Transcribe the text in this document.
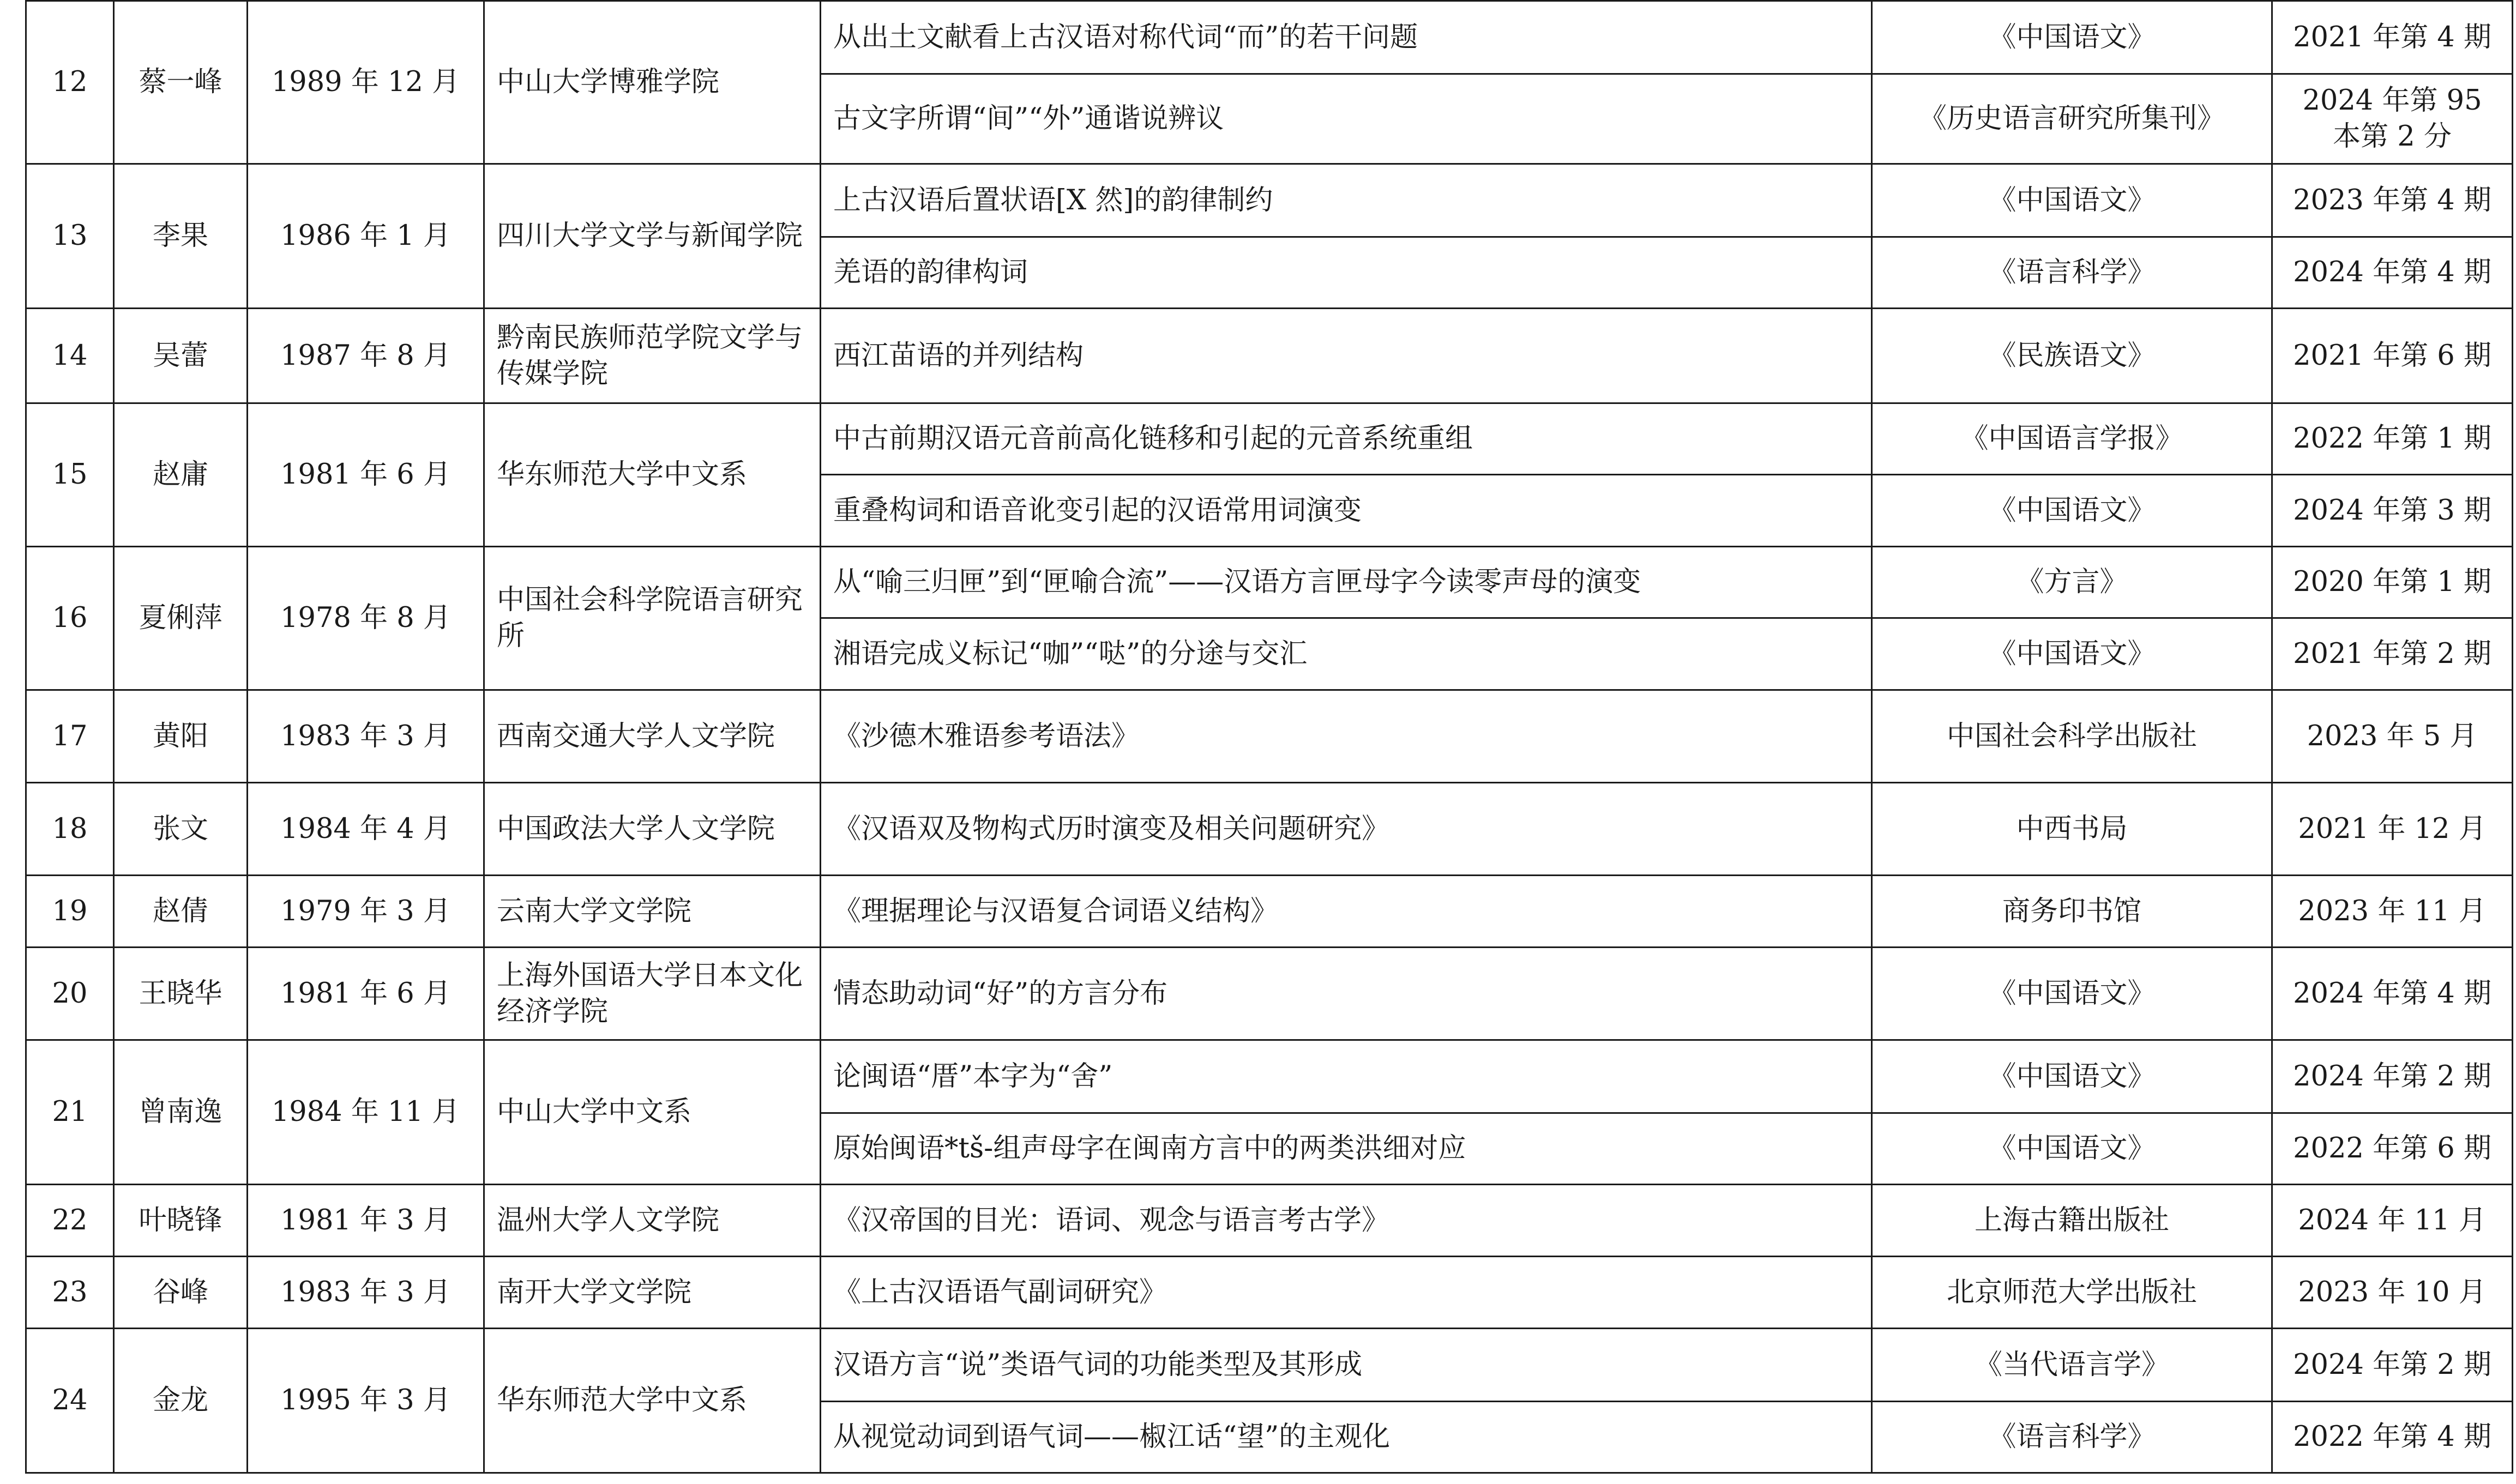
12	蔡一峰	1989 年 12 月	中山大学博雅学院	从出土文献看上古汉语对称代词“而”的若干问题	《中国语文》	2021 年第 4 期
				古文字所谓“间”“外”通谐说辨议	《历史语言研究所集刊》	2024 年第 95 本第 2 分
13	李果	1986 年 1 月	四川大学文学与新闻学院	上古汉语后置状语[X 然]的韵律制约	《中国语文》	2023 年第 4 期
				羌语的韵律构词	《语言科学》	2024 年第 4 期
14	吴蕾	1987 年 8 月	黔南民族师范学院文学与传媒学院	西江苗语的并列结构	《民族语文》	2021 年第 6 期
15	赵庸	1981 年 6 月	华东师范大学中文系	中古前期汉语元音前高化链移和引起的元音系统重组	《中国语言学报》	2022 年第 1 期
				重叠构词和语音讹变引起的汉语常用词演变	《中国语文》	2024 年第 3 期
16	夏俐萍	1978 年 8 月	中国社会科学院语言研究所	从“喻三归匣”到“匣喻合流”——汉语方言匣母字今读零声母的演变	《方言》	2020 年第 1 期
				湘语完成义标记“咖”“哒”的分途与交汇	《中国语文》	2021 年第 2 期
17	黄阳	1983 年 3 月	西南交通大学人文学院	《沙德木雅语参考语法》	中国社会科学出版社	2023 年 5 月
18	张文	1984 年 4 月	中国政法大学人文学院	《汉语双及物构式历时演变及相关问题研究》	中西书局	2021 年 12 月
19	赵倩	1979 年 3 月	云南大学文学院	《理据理论与汉语复合词语义结构》	商务印书馆	2023 年 11 月
20	王晓华	1981 年 6 月	上海外国语大学日本文化经济学院	情态助动词“好”的方言分布	《中国语文》	2024 年第 4 期
21	曾南逸	1984 年 11 月	中山大学中文系	论闽语“厝”本字为“舍”	《中国语文》	2024 年第 2 期
				原始闽语*tš-组声母字在闽南方言中的两类洪细对应	《中国语文》	2022 年第 6 期
22	叶晓锋	1981 年 3 月	温州大学人文学院	《汉帝国的目光：语词、观念与语言考古学》	上海古籍出版社	2024 年 11 月
23	谷峰	1983 年 3 月	南开大学文学院	《上古汉语语气副词研究》	北京师范大学出版社	2023 年 10 月
24	金龙	1995 年 3 月	华东师范大学中文系	汉语方言“说”类语气词的功能类型及其形成	《当代语言学》	2024 年第 2 期
				从视觉动词到语气词——椒江话“望”的主观化	《语言科学》	2022 年第 4 期
